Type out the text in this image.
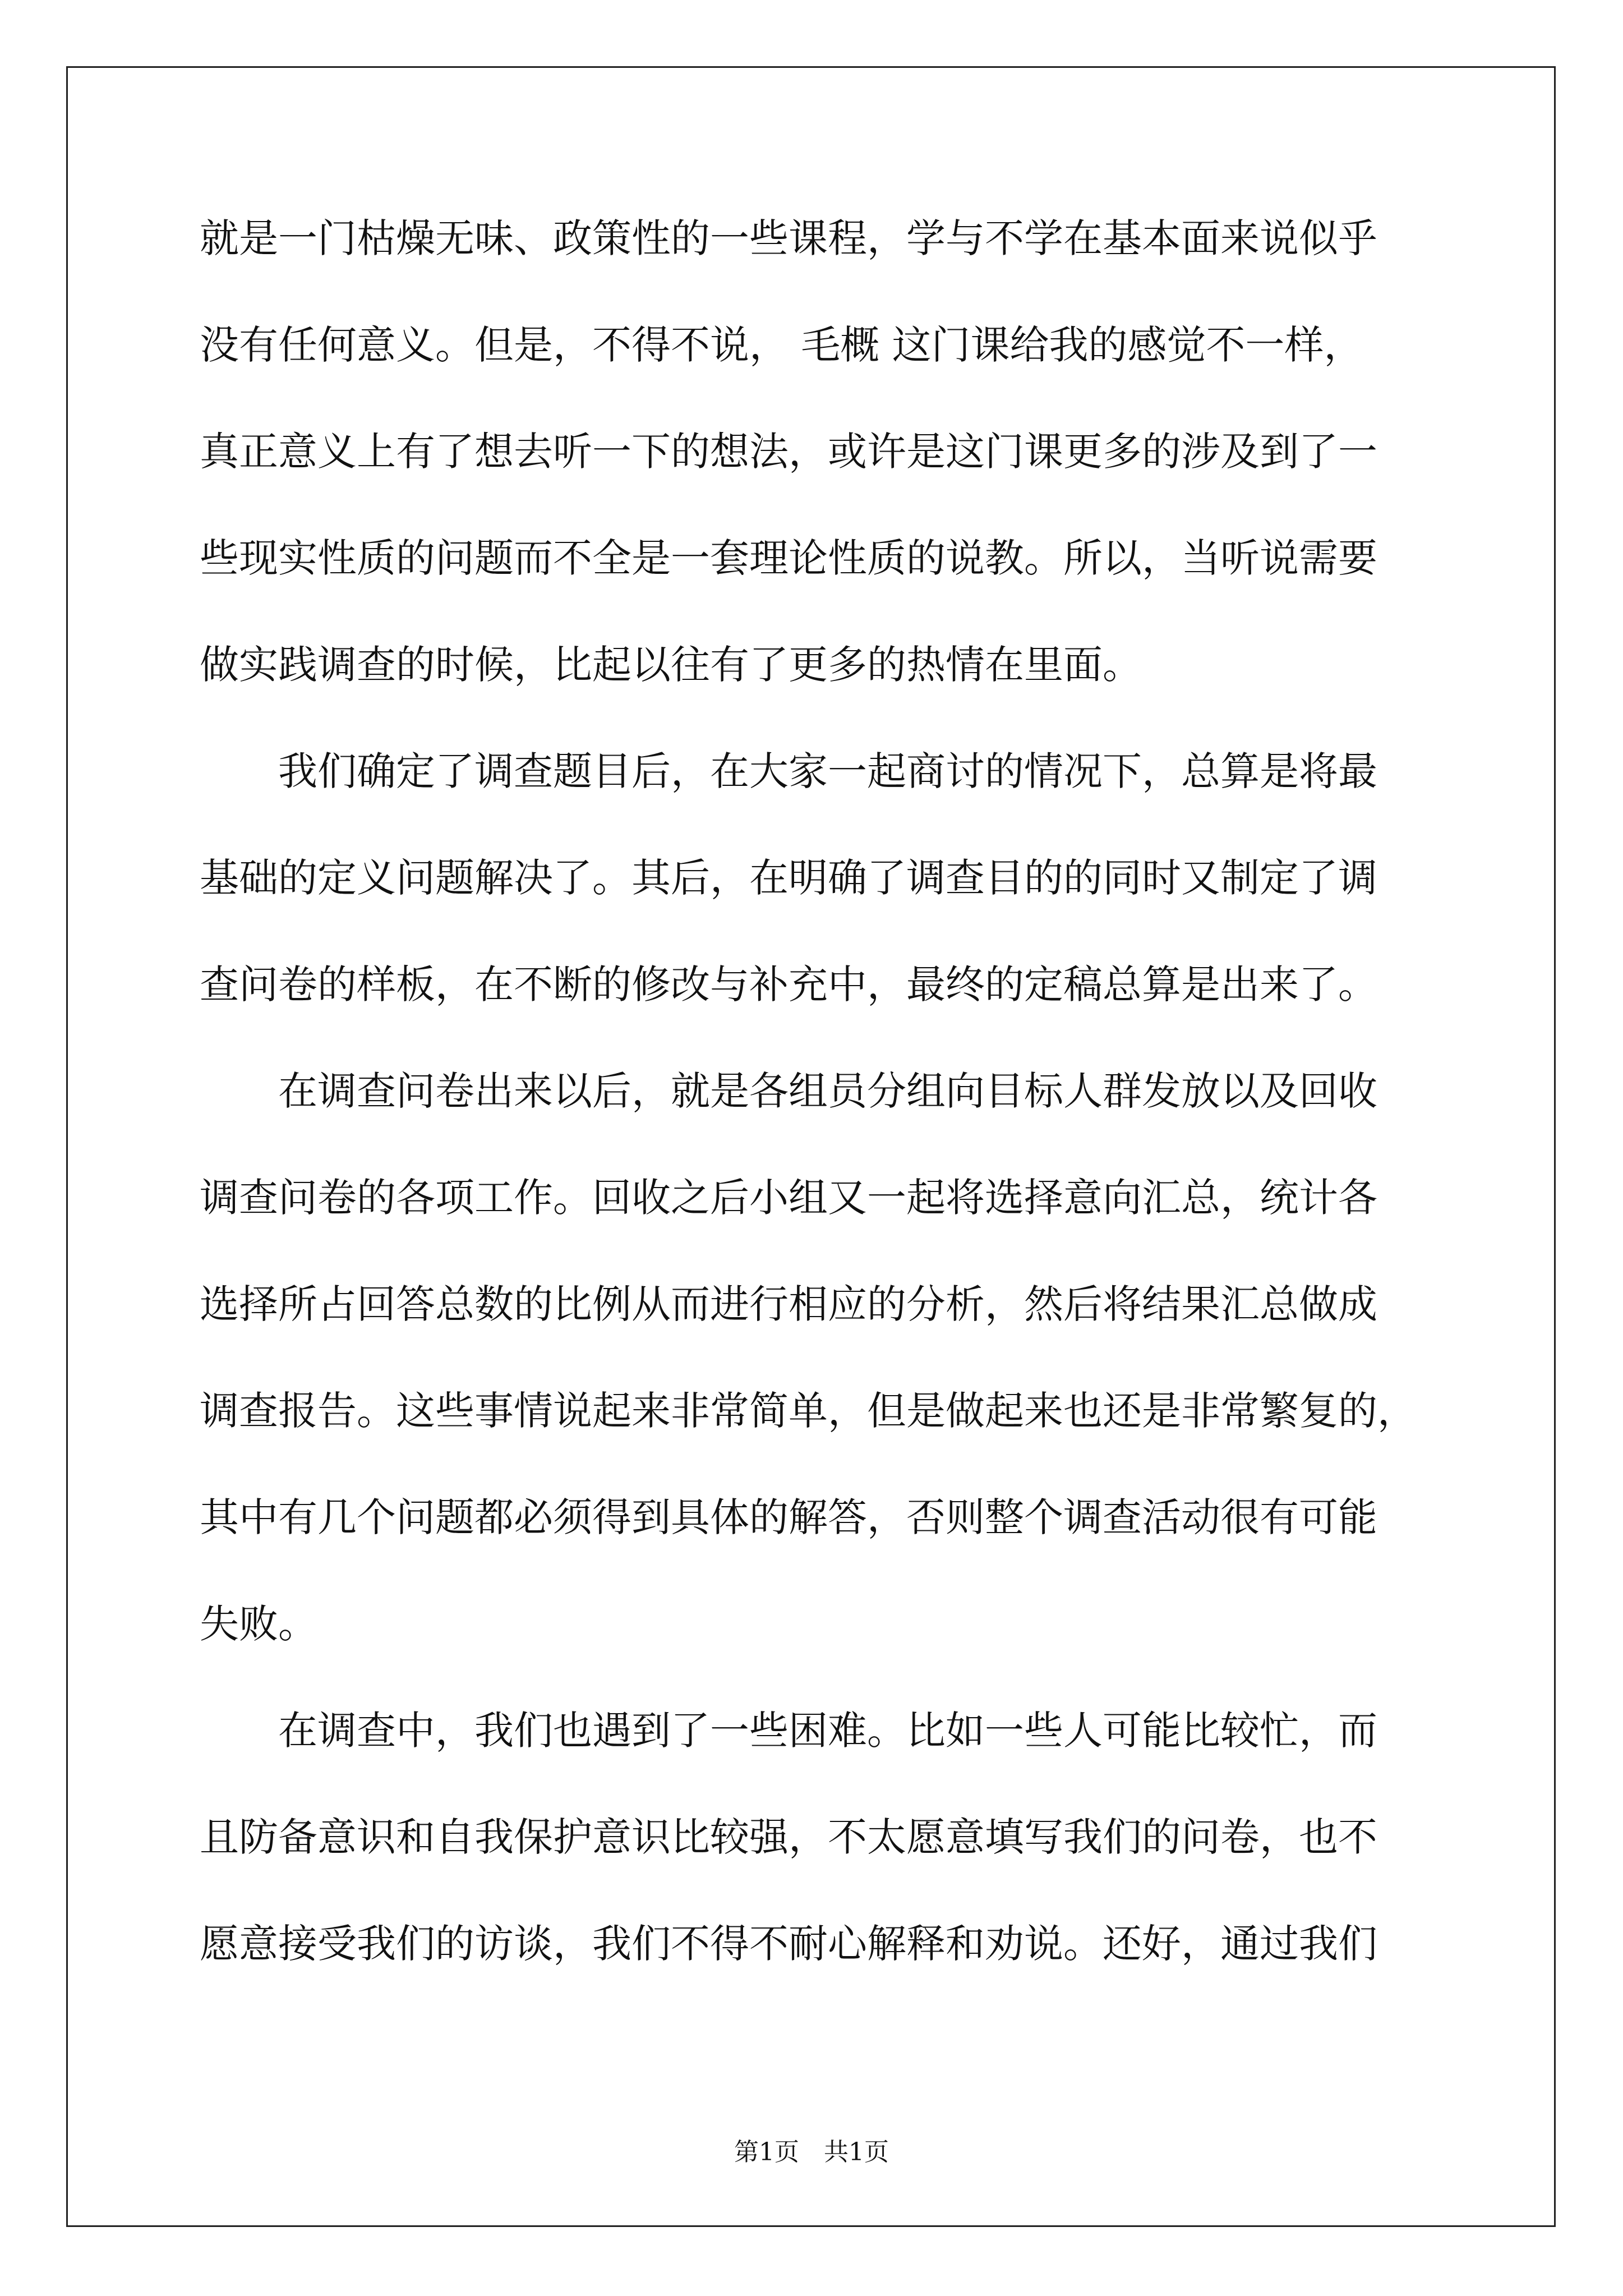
就是一门枯燥无味、政策性的一些课程，学与不学在基本面来说似乎
没有任何意义。但是，不得不说， 毛概 这门课给我的感觉不一样，
真正意义上有了想去听一下的想法，或许是这门课更多的涉及到了一
些现实性质的问题而不全是一套理论性质的说教。所以，当听说需要
做实践调查的时候，比起以往有了更多的热情在里面。
我们确定了调查题目后，在大家一起商讨的情况下，总算是将最
基础的定义问题解决了。其后，在明确了调查目的的同时又制定了调
查问卷的样板，在不断的修改与补充中，最终的定稿总算是出来了。
在调查问卷出来以后，就是各组员分组向目标人群发放以及回收
调查问卷的各项工作。回收之后小组又一起将选择意向汇总，统计各
选择所占回答总数的比例从而进行相应的分析，然后将结果汇总做成
调查报告。这些事情说起来非常简单，但是做起来也还是非常繁复的，
其中有几个问题都必须得到具体的解答，否则整个调查活动很有可能
失败。
在调查中，我们也遇到了一些困难。比如一些人可能比较忙，而
且防备意识和自我保护意识比较强，不太愿意填写我们的问卷，也不
愿意接受我们的访谈，我们不得不耐心解释和劝说。还好，通过我们
第1页　共1页
